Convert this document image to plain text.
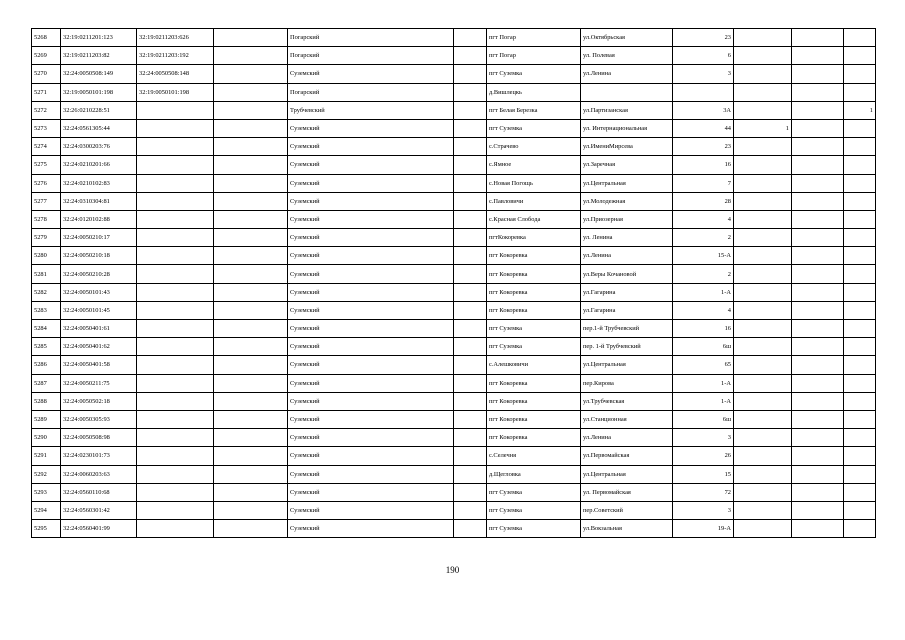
5268	32:19:0211201:123	32:19:0211203:626		Погарский		пгт Погар	ул.Октябрьская	23			
5269	32:19:0211203:82	32:19:0211203:192		Погарский		пгт Погар	ул. Полевая	6			
5270	32:24:0050508:149	32:24:0050508:148		Суземский		пгт Суземка	ул.Ленина	3			
5271	32:19:0050101:198	32:19:0050101:198		Погарский		д.Вишлецкь					
5272	32:26:0210228:51			Трубчевский		пгт Белая Березка	ул.Партизанская	3А			1
5273	32:24:0561305:44			Суземский		пгт Суземка	ул. Интернациональная	44	1		
5274	32:24:0300203:76			Суземский		с.Страчево	ул.ИмениМирсева	23			
5275	32:24:0210201:66			Суземский		с.Ямное	ул.Заречная	16			
5276	32:24:0210102:83			Суземский		с.Новая Погощь	ул.Центральная	7			
5277	32:24:0310304:81			Суземский		с.Павловичи	ул.Молодежная	28			
5278	32:24:0120102:88			Суземский		с.Красная Слобода	ул.Приозерная	4			
5279	32:24:0050210:17			Суземский		пгтКокоревка	ул. Ленина	2			
5280	32:24:0050210:18			Суземский		пгт Кокоревка	ул.Ленина	15-А			
5281	32:24:0050210:28			Суземский		пгт Кокоревка	ул.Веры Кочановой	2			
5282	32:24:0050101:43			Суземский		пгт Кокоревка	ул.Гагарина	1-А			
5283	32:24:0050101:45			Суземский		пгт Кокоревка	ул.Гагарина	4			
5284	32:24:0050401:61			Суземский		пгт Суземка	пер.1-й Трубчевский	16			
5285	32:24:0050401:62			Суземский		пгт Суземка	пер. 1-й Трубчевский	6ш			
5286	32:24:0050401:58			Суземский		с.Алешковичи	ул.Центральная	65			
5287	32:24:0050211:75			Суземский		пгт Кокоревка	пер.Кирова	1-А			
5288	32:24:0050502:18			Суземский		пгт Кокоревка	ул.Трубчевская	1-А			
5289	32:24:0050305:93			Суземский		пгт Кокоревка	ул.Станционная	6ш			
5290	32:24:0050508:98			Суземский		пгт Кокоревка	ул.Ленина	3			
5291	32:24:0230101:73			Суземский		с.Селечня	ул.Первомайская	26			
5292	32:24:0060203:63			Суземский		д.Щегловка	ул.Центральная	15			
5293	32:24:0560110:68			Суземский		пгт Суземка	ул. Первомайская	72			
5294	32:24:0560301:42			Суземский		пгт Суземка	пер.Советский	3			
5295	32:24:0560401:99			Суземский		пгт Суземка	ул.Вокзальная	19-А			
190
